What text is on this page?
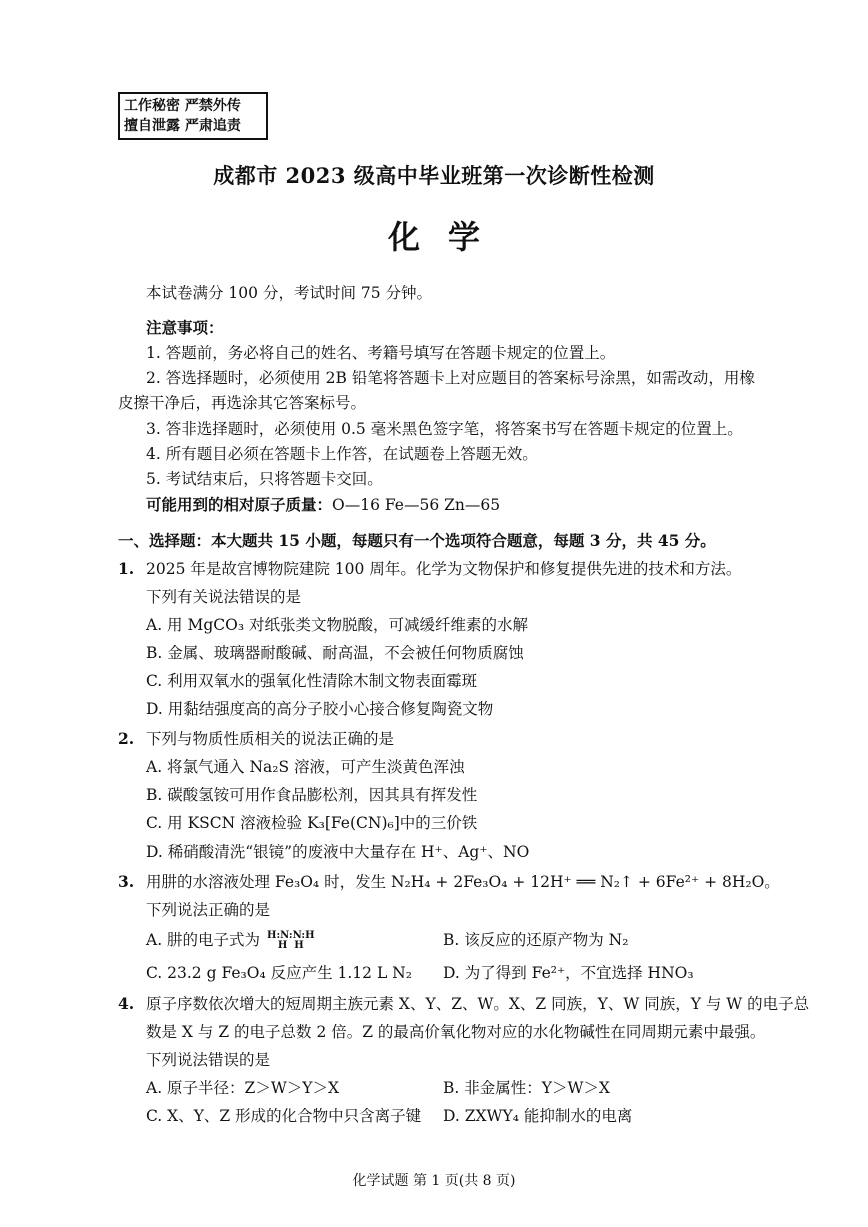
工作秘密 严禁外传
擅自泄露 严肃追责
成都市 2023 级高中毕业班第一次诊断性检测
化学
本试卷满分 100 分，考试时间 75 分钟。
注意事项：
1. 答题前，务必将自己的姓名、考籍号填写在答题卡规定的位置上。
2. 答选择题时，必须使用 2B 铅笔将答题卡上对应题目的答案标号涂黑，如需改动，用橡
皮擦干净后，再选涂其它答案标号。
3. 答非选择题时，必须使用 0.5 毫米黑色签字笔，将答案书写在答题卡规定的位置上。
4. 所有题目必须在答题卡上作答，在试题卷上答题无效。
5. 考试结束后，只将答题卡交回。
可能用到的相对原子质量：O—16 Fe—56 Zn—65
一、选择题：本大题共 15 小题，每题只有一个选项符合题意，每题 3 分，共 45 分。
1. 2025 年是故宫博物院建院 100 周年。化学为文物保护和修复提供先进的技术和方法。
下列有关说法错误的是
A. 用 MgCO₃ 对纸张类文物脱酸，可减缓纤维素的水解
B. 金属、玻璃器耐酸碱、耐高温，不会被任何物质腐蚀
C. 利用双氧水的强氧化性清除木制文物表面霉斑
D. 用黏结强度高的高分子胶小心接合修复陶瓷文物
2. 下列与物质性质相关的说法正确的是
A. 将氯气通入 Na₂S 溶液，可产生淡黄色浑浊
B. 碳酸氢铵可用作食品膨松剂，因其具有挥发性
C. 用 KSCN 溶液检验 K₃[Fe(CN)₆]中的三价铁
D. 稀硝酸清洗“银镜”的废液中大量存在 H⁺、Ag⁺、NO
3. 用肼的水溶液处理 Fe₃O₄ 时，发生 N₂H₄ + 2Fe₃O₄ + 12H⁺ ══ N₂↑ + 6Fe²⁺ + 8H₂O。
下列说法正确的是
A. 肼的电子式为 H:N:N:H
H  H	B. 该反应的还原产物为 N₂
C. 23.2 g Fe₃O₄ 反应产生 1.12 L N₂ D. 为了得到 Fe²⁺，不宜选择 HNO₃
4. 原子序数依次增大的短周期主族元素 X、Y、Z、W。X、Z 同族，Y、W 同族，Y 与 W 的电子总
数是 X 与 Z 的电子总数 2 倍。Z 的最高价氧化物对应的水化物碱性在同周期元素中最强。
下列说法错误的是
A. 原子半径：Z＞W＞Y＞X	B. 非金属性：Y＞W＞X
C. X、Y、Z 形成的化合物中只含离子键 D. ZXWY₄ 能抑制水的电离
化学试题 第 1 页(共 8 页)
